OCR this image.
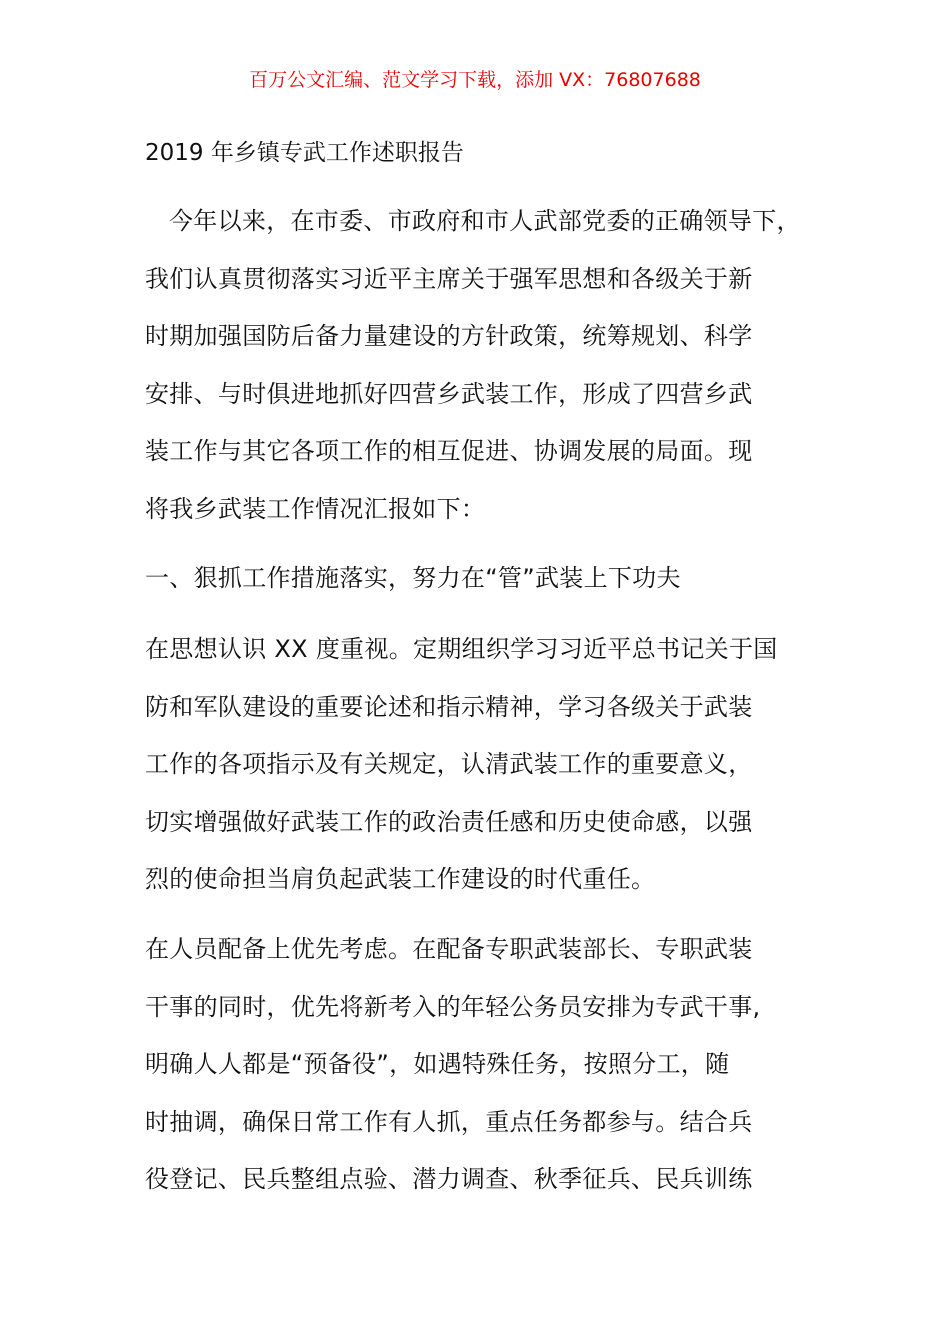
百万公文汇编、范文学习下载，添加 VX：76807688
2019 年乡镇专武工作述职报告
今年以来，在市委、市政府和市人武部党委的正确领导下，
我们认真贯彻落实习近平主席关于强军思想和各级关于新
时期加强国防后备力量建设的方针政策，统筹规划、科学
安排、与时俱进地抓好四营乡武装工作，形成了四营乡武
装工作与其它各项工作的相互促进、协调发展的局面。现
将我乡武装工作情况汇报如下：
一、狠抓工作措施落实，努力在“管”武装上下功夫
在思想认识 XX 度重视。定期组织学习习近平总书记关于国
防和军队建设的重要论述和指示精神，学习各级关于武装
工作的各项指示及有关规定，认清武装工作的重要意义，
切实增强做好武装工作的政治责任感和历史使命感，以强
烈的使命担当肩负起武装工作建设的时代重任。
在人员配备上优先考虑。在配备专职武装部长、专职武装
干事的同时，优先将新考入的年轻公务员安排为专武干事,
明确人人都是“预备役”，如遇特殊任务，按照分工，随
时抽调，确保日常工作有人抓，重点任务都参与。结合兵
役登记、民兵整组点验、潜力调查、秋季征兵、民兵训练
